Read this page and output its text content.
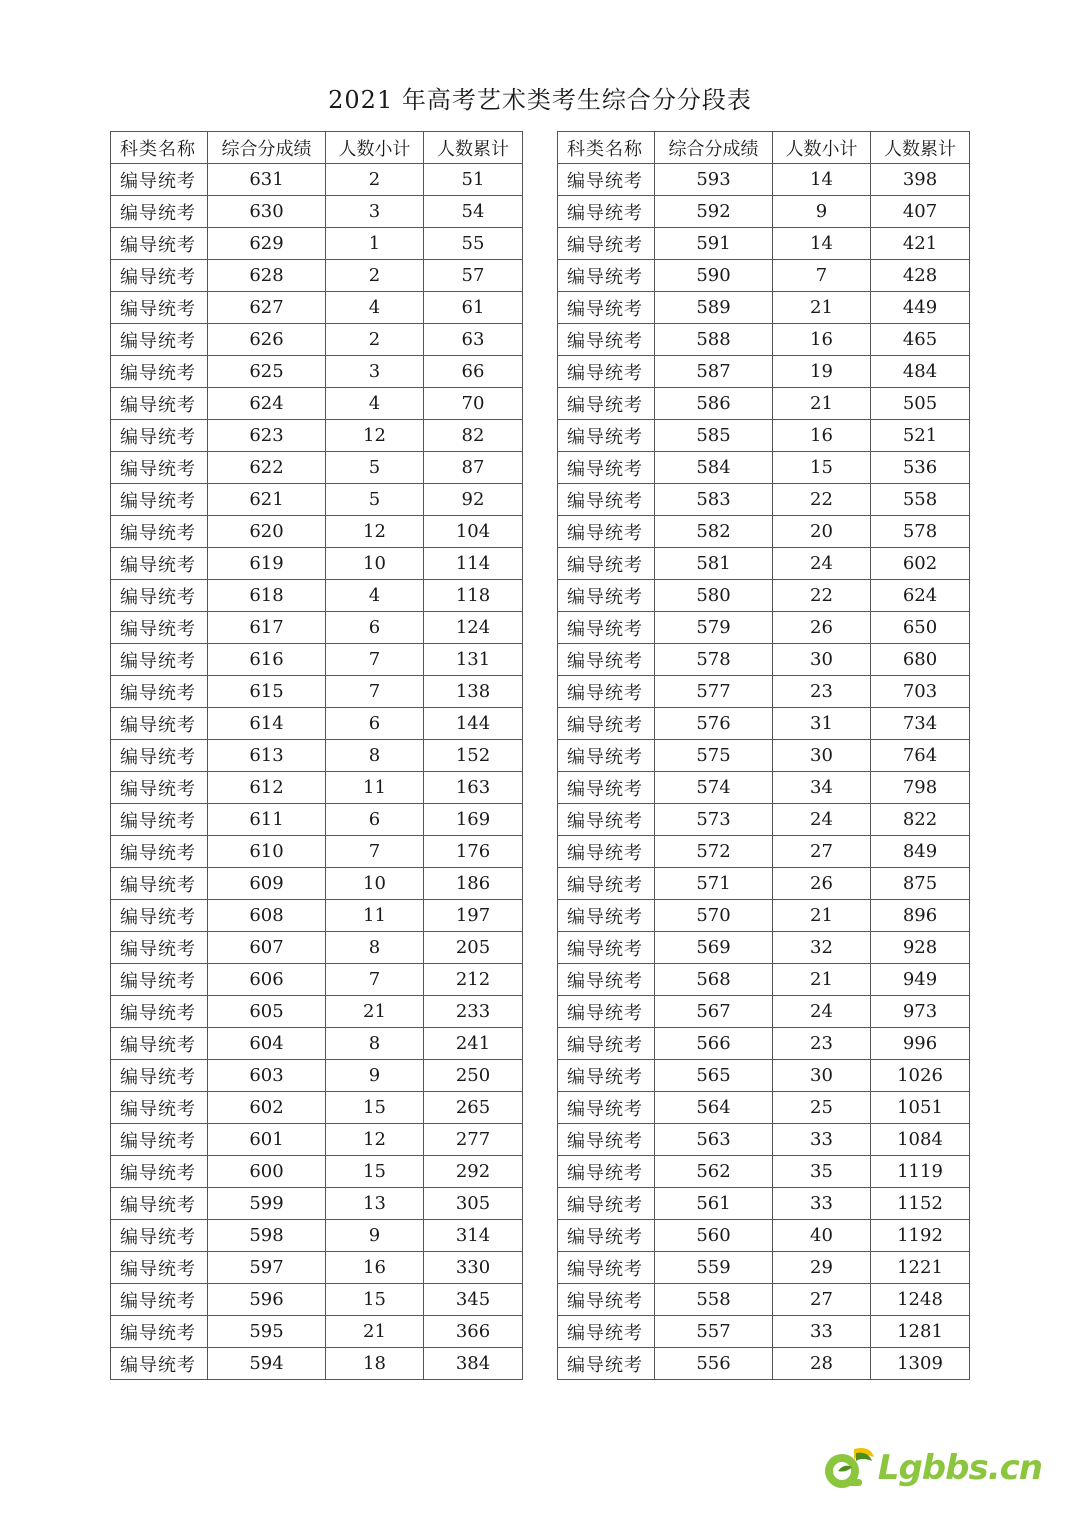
2021 年高考艺术类考生综合分分段表
科类名称	综合分成绩	人数小计	人数累计
编导统考	631	2	51
编导统考	630	3	54
编导统考	629	1	55
编导统考	628	2	57
编导统考	627	4	61
编导统考	626	2	63
编导统考	625	3	66
编导统考	624	4	70
编导统考	623	12	82
编导统考	622	5	87
编导统考	621	5	92
编导统考	620	12	104
编导统考	619	10	114
编导统考	618	4	118
编导统考	617	6	124
编导统考	616	7	131
编导统考	615	7	138
编导统考	614	6	144
编导统考	613	8	152
编导统考	612	11	163
编导统考	611	6	169
编导统考	610	7	176
编导统考	609	10	186
编导统考	608	11	197
编导统考	607	8	205
编导统考	606	7	212
编导统考	605	21	233
编导统考	604	8	241
编导统考	603	9	250
编导统考	602	15	265
编导统考	601	12	277
编导统考	600	15	292
编导统考	599	13	305
编导统考	598	9	314
编导统考	597	16	330
编导统考	596	15	345
编导统考	595	21	366
编导统考	594	18	384
科类名称	综合分成绩	人数小计	人数累计
编导统考	593	14	398
编导统考	592	9	407
编导统考	591	14	421
编导统考	590	7	428
编导统考	589	21	449
编导统考	588	16	465
编导统考	587	19	484
编导统考	586	21	505
编导统考	585	16	521
编导统考	584	15	536
编导统考	583	22	558
编导统考	582	20	578
编导统考	581	24	602
编导统考	580	22	624
编导统考	579	26	650
编导统考	578	30	680
编导统考	577	23	703
编导统考	576	31	734
编导统考	575	30	764
编导统考	574	34	798
编导统考	573	24	822
编导统考	572	27	849
编导统考	571	26	875
编导统考	570	21	896
编导统考	569	32	928
编导统考	568	21	949
编导统考	567	24	973
编导统考	566	23	996
编导统考	565	30	1026
编导统考	564	25	1051
编导统考	563	33	1084
编导统考	562	35	1119
编导统考	561	33	1152
编导统考	560	40	1192
编导统考	559	29	1221
编导统考	558	27	1248
编导统考	557	33	1281
编导统考	556	28	1309
Lgbbs.cn
